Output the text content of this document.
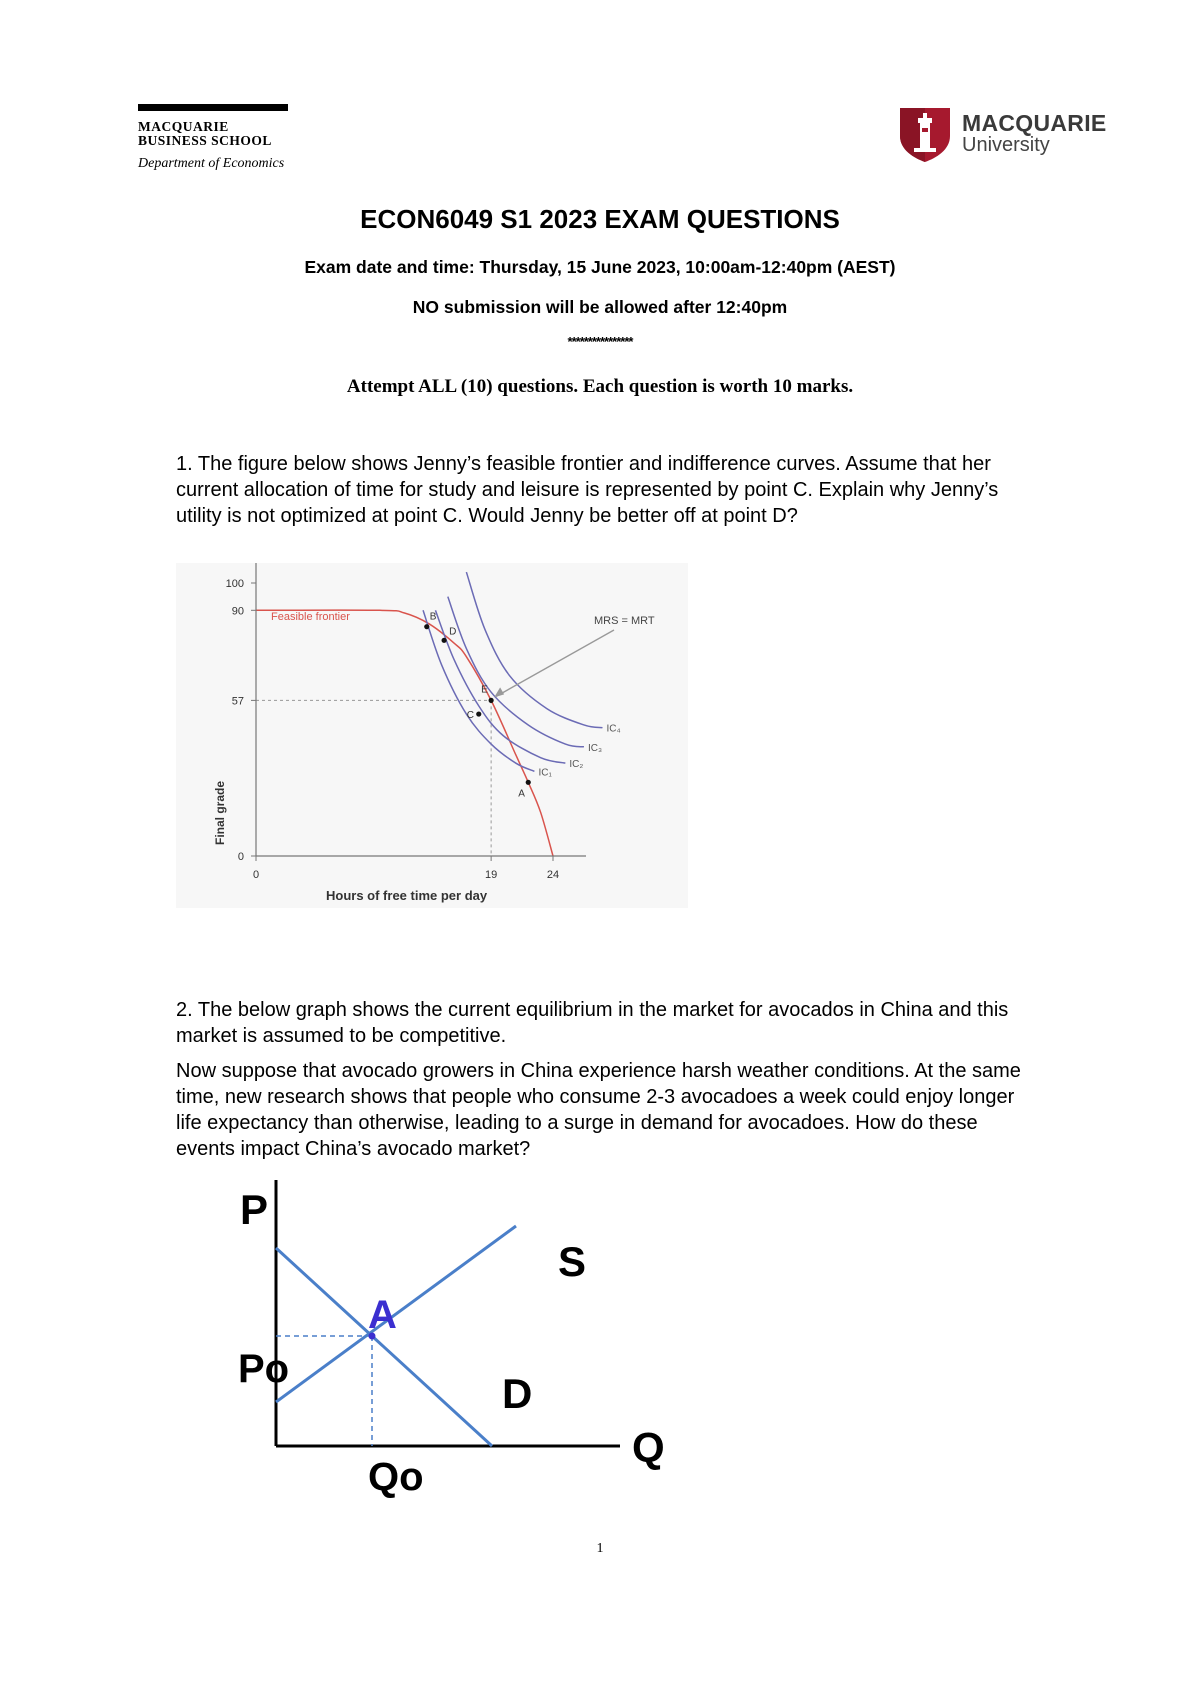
MACQUARIE
BUSINESS SCHOOL
Department of Economics
MACQUARIE
University
ECON6049 S1 2023 EXAM QUESTIONS
Exam date and time: Thursday, 15 June 2023, 10:00am-12:40pm (AEST)
NO submission will be allowed after 12:40pm
****************
Attempt ALL (10) questions. Each question is worth 10 marks.
1. The figure below shows Jenny’s feasible frontier and indifference curves. Assume that her current allocation of time for study and leisure is represented by point C. Explain why Jenny’s utility is not optimized at point C. Would Jenny be better off at point D?
B
D
E
C
A
MRS = MRT
Feasible frontier
IC₁
IC₂
IC₃
IC₄
Final grade
Hours of free time per day
0
57
90
100
0	19	24
2. The below graph shows the current equilibrium in the market for avocados in China and this market is assumed to be competitive.
Now suppose that avocado growers in China experience harsh weather conditions. At the same time, new research shows that people who consume 2-3 avocadoes a week could enjoy longer life expectancy than otherwise, leading to a surge in demand for avocadoes. How do these events impact China’s avocado market?
P
Q
S
D
Po
Qo
A
1
